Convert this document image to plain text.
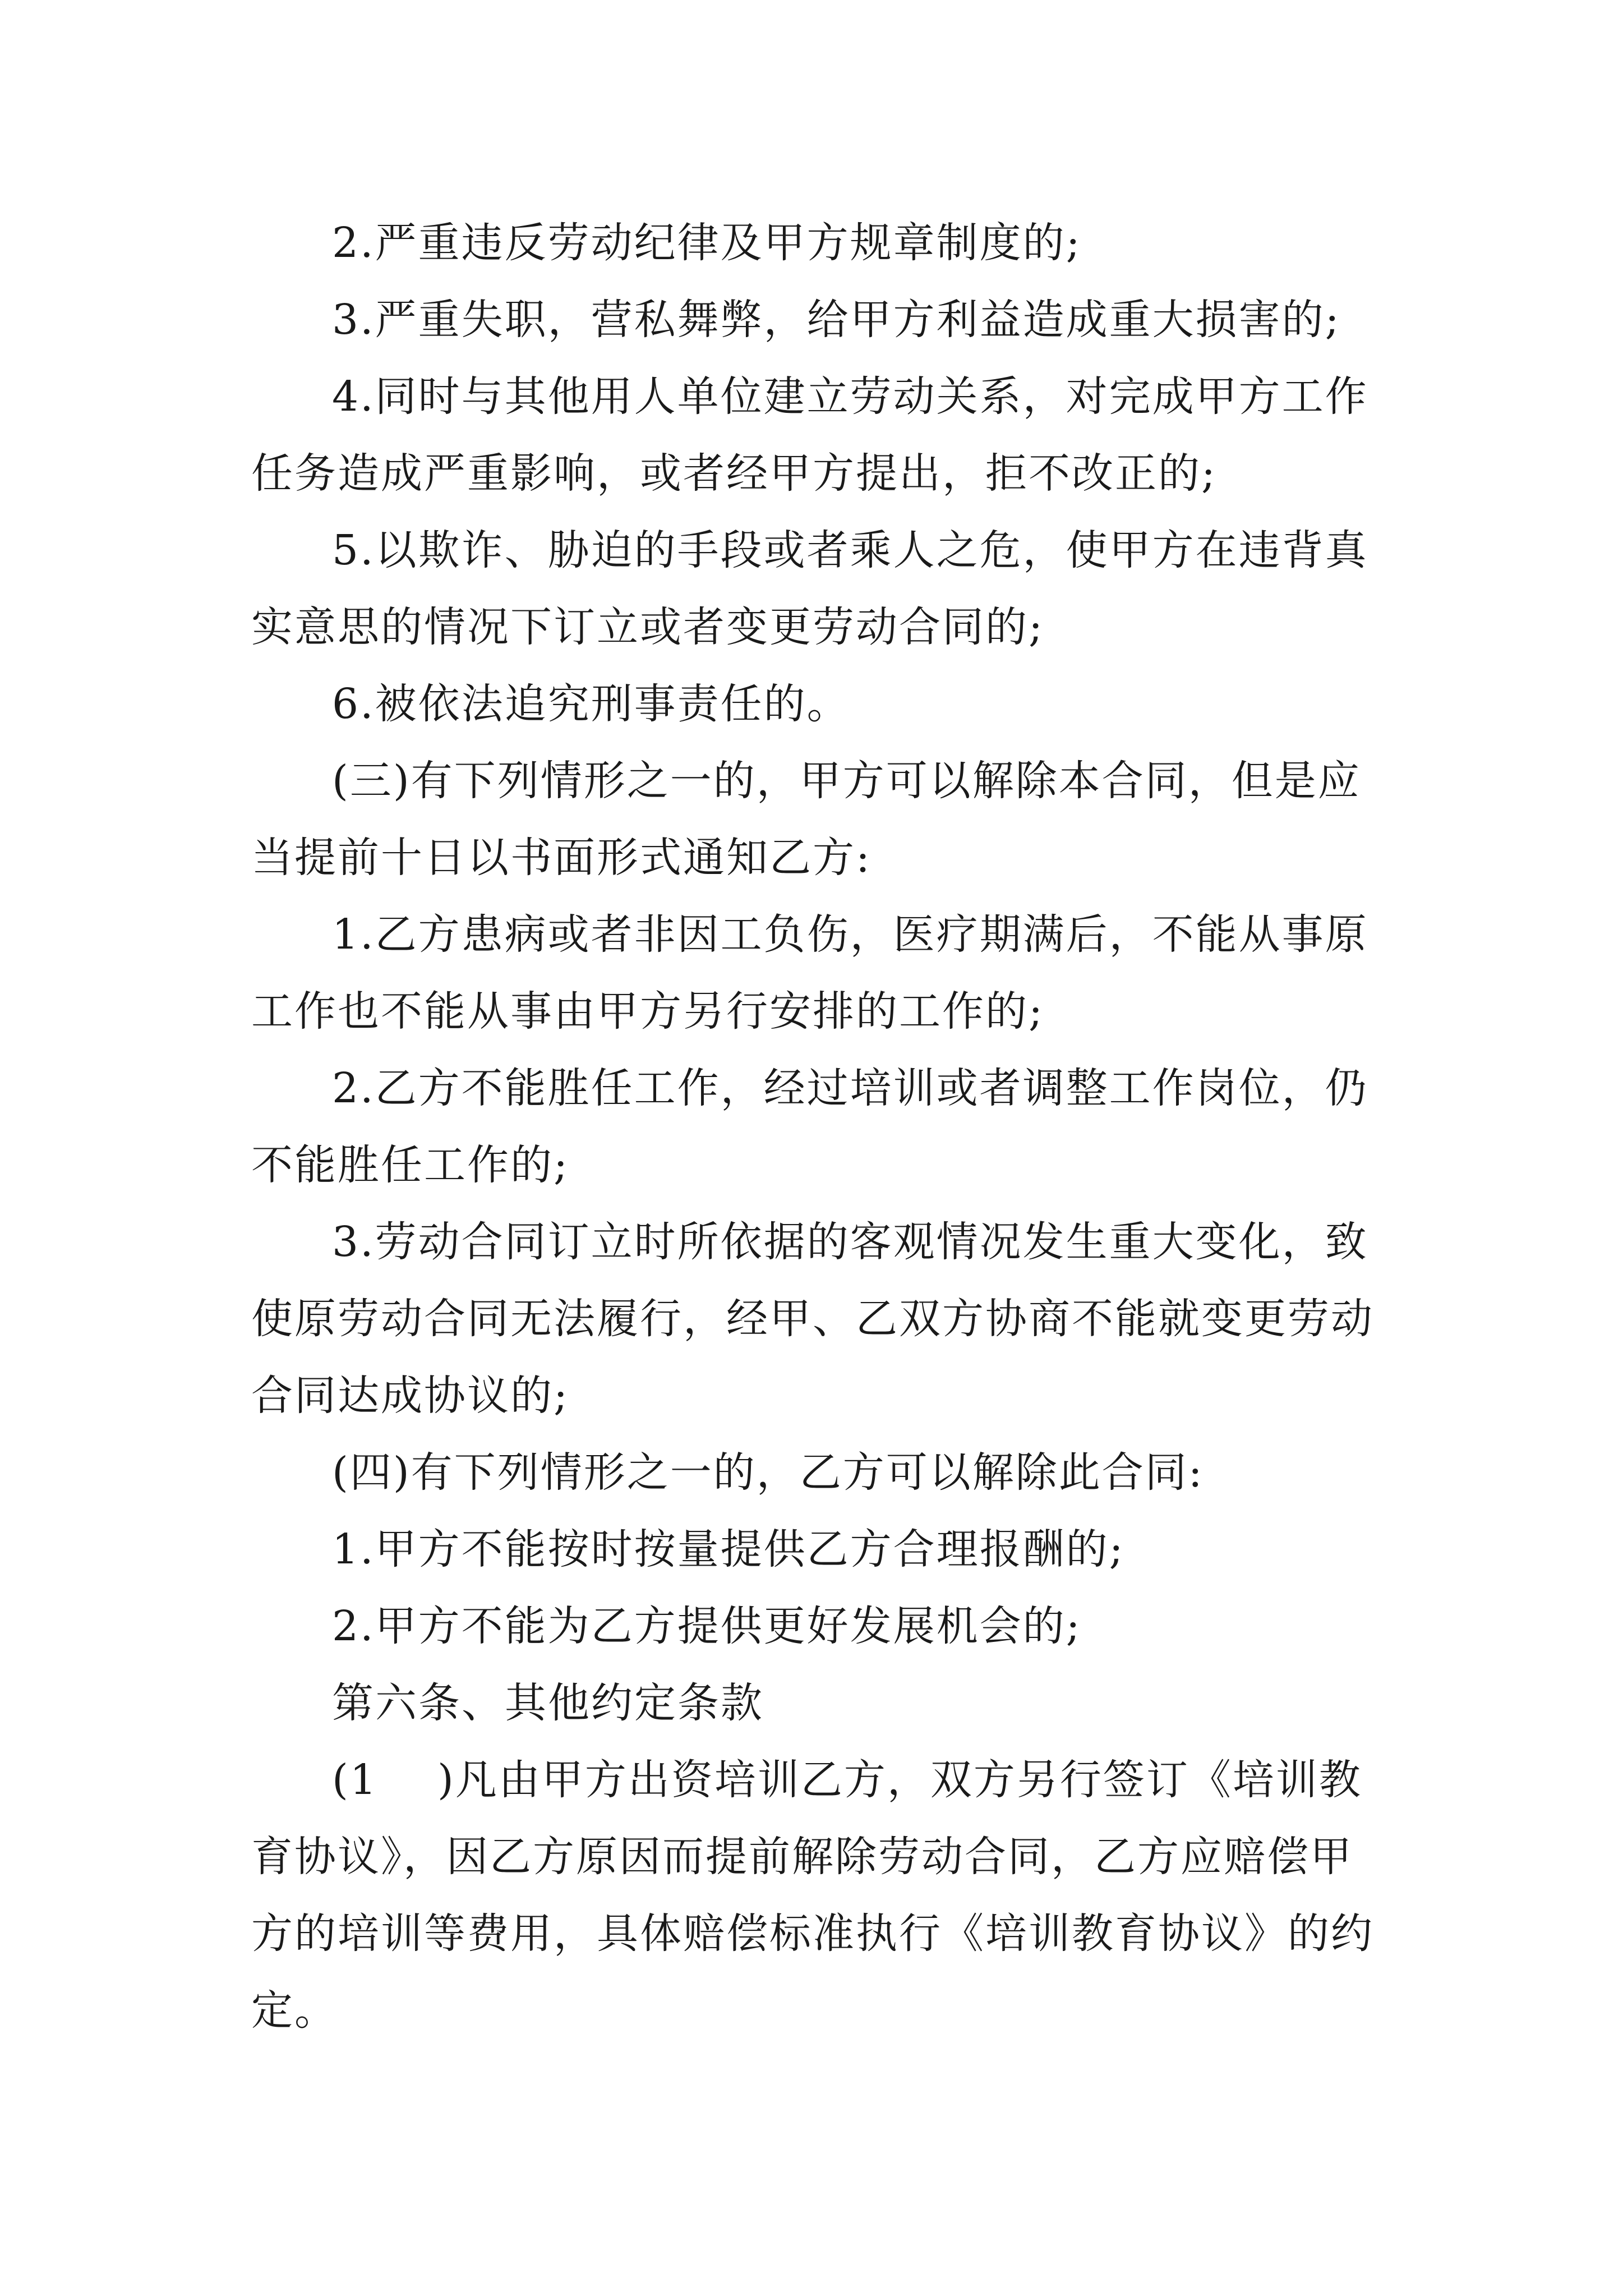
2.严重违反劳动纪律及甲方规章制度的;
3.严重失职，营私舞弊，给甲方利益造成重大损害的;
4.同时与其他用人单位建立劳动关系，对完成甲方工作
任务造成严重影响，或者经甲方提出，拒不改正的;
5.以欺诈、胁迫的手段或者乘人之危，使甲方在违背真
实意思的情况下订立或者变更劳动合同的;
6.被依法追究刑事责任的。
(三)有下列情形之一的，甲方可以解除本合同，但是应
当提前十日以书面形式通知乙方:
1.乙方患病或者非因工负伤，医疗期满后，不能从事原
工作也不能从事由甲方另行安排的工作的;
2.乙方不能胜任工作，经过培训或者调整工作岗位，仍
不能胜任工作的;
3.劳动合同订立时所依据的客观情况发生重大变化，致
使原劳动合同无法履行，经甲、乙双方协商不能就变更劳动
合同达成协议的;
(四)有下列情形之一的，乙方可以解除此合同:
1.甲方不能按时按量提供乙方合理报酬的;
2.甲方不能为乙方提供更好发展机会的;
第六条、其他约定条款
(1    )凡由甲方出资培训乙方，双方另行签订《培训教
育协议》，因乙方原因而提前解除劳动合同，乙方应赔偿甲
方的培训等费用，具体赔偿标准执行《培训教育协议》的约
定。
